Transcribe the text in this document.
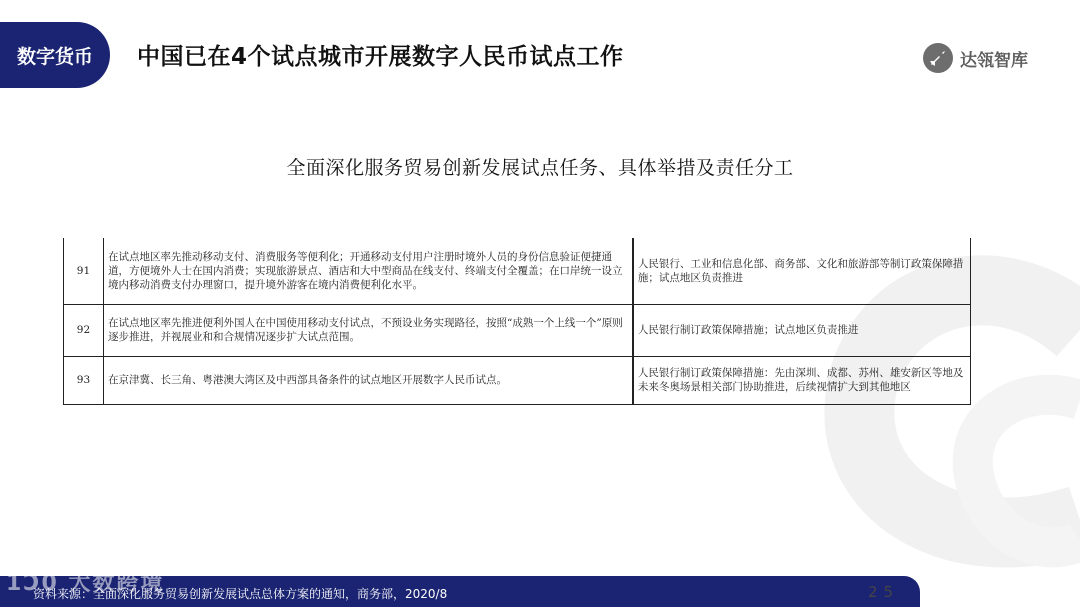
数字货币	中国已在4个试点城市开展数字人民币试点工作	达瓴智库
全面深化服务贸易创新发展试点任务、具体举措及责任分工
91	在试点地区率先推动移动支付、消费服务等便利化；开通移动支付用户注册时境外人员的身份信息验证便捷通道，方便境外人士在国内消费；实现旅游景点、酒店和大中型商品在线支付、终端支付全覆盖；在口岸统一设立境内移动消费支付办理窗口，提升境外游客在境内消费便利化水平。	人民银行、工业和信息化部、商务部、文化和旅游部等制订政策保障措施；试点地区负责推进
92	在试点地区率先推进便利外国人在中国使用移动支付试点，不预设业务实现路径，按照“成熟一个上线一个”原则逐步推进，并视展业和和合规情况逐步扩大试点范围。	人民银行制订政策保障措施；试点地区负责推进
93	在京津冀、长三角、粤港澳大湾区及中西部具备条件的试点地区开展数字人民币试点。	人民银行制订政策保障措施：先由深圳、成都、苏州、雄安新区等地及未来冬奥场景相关部门协助推进，后续视情扩大到其他地区
资料来源：全面深化服务贸易创新发展试点总体方案的通知，商务部，2020/8	25
1Ɔ0 大数跨境
